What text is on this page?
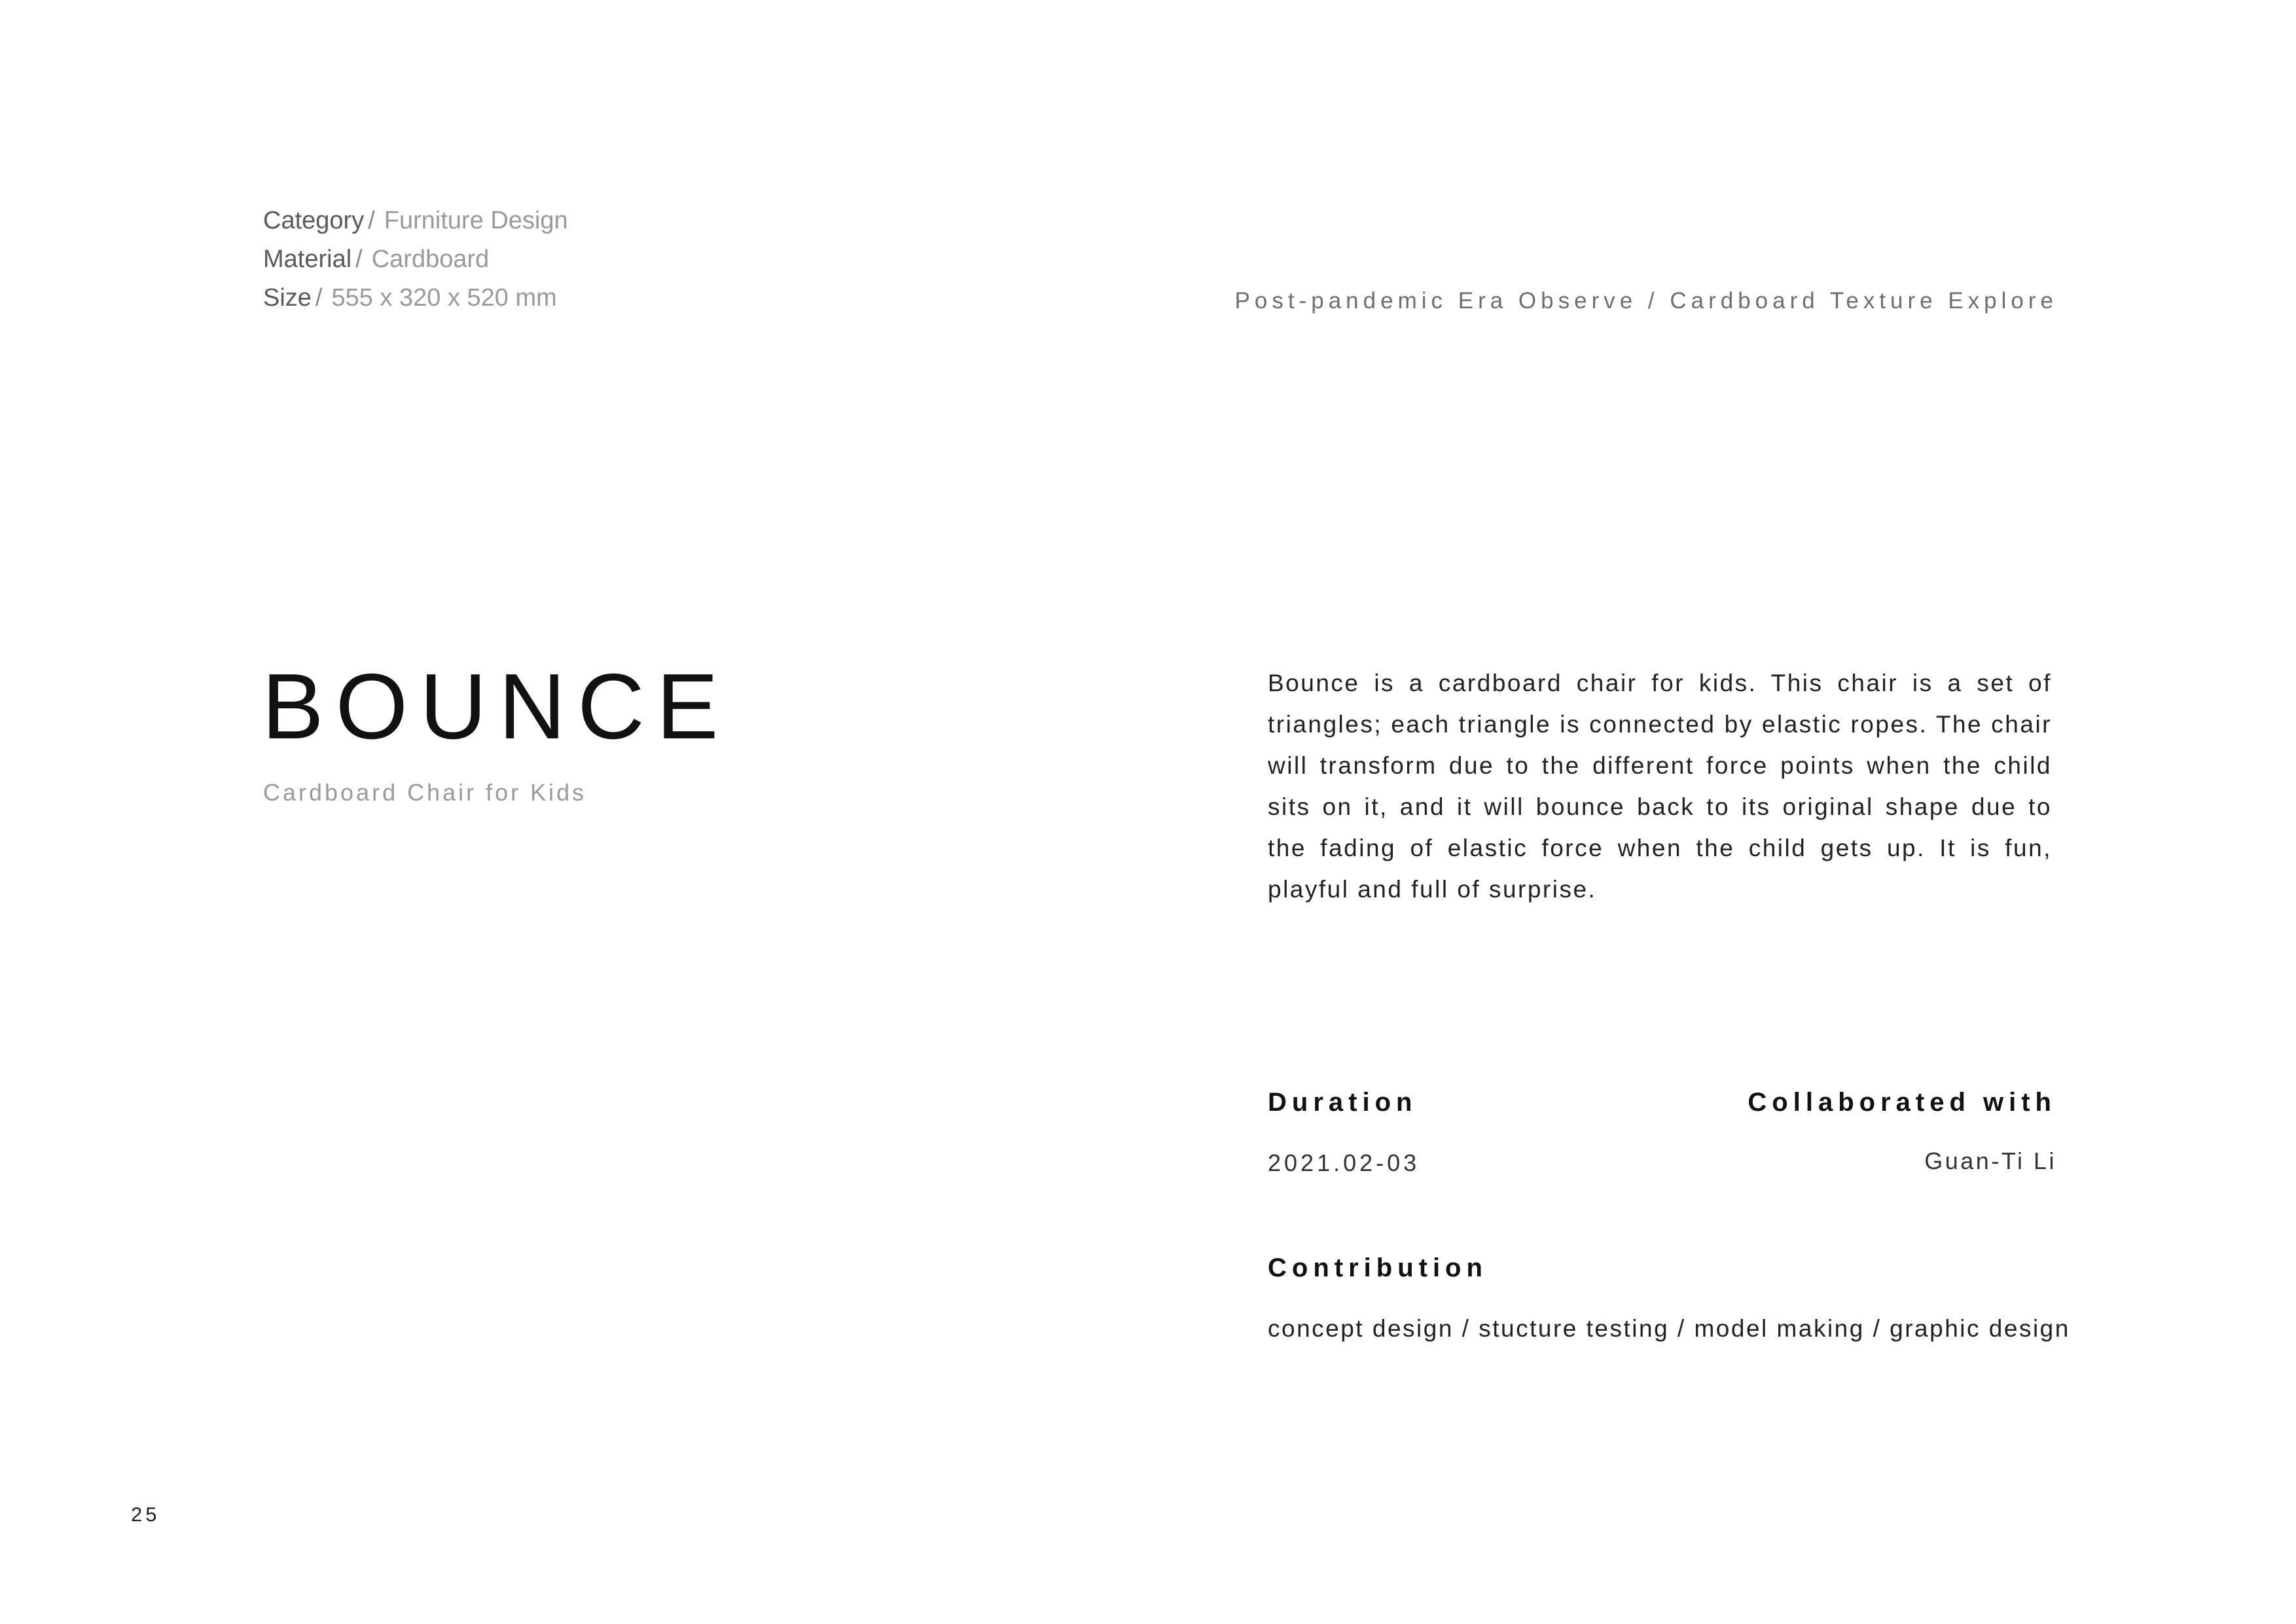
Category / Furniture Design
Material / Cardboard
Size / 555 x 320 x 520 mm	Post-pandemic Era Observe / Cardboard Texture Explore
BOUNCE
Cardboard Chair for Kids

Bounce is a cardboard chair for kids. This chair is a set of triangles; each triangle is connected by elastic ropes. The chair will transform due to the different force points when the child sits on it, and it will bounce back to its original shape due to the fading of elastic force when the child gets up. It is fun, playful and full of surprise.

Duration
2021.02-03
Collaborated with
Guan-Ti Li
Contribution
concept design / stucture testing / model making / graphic design
25
